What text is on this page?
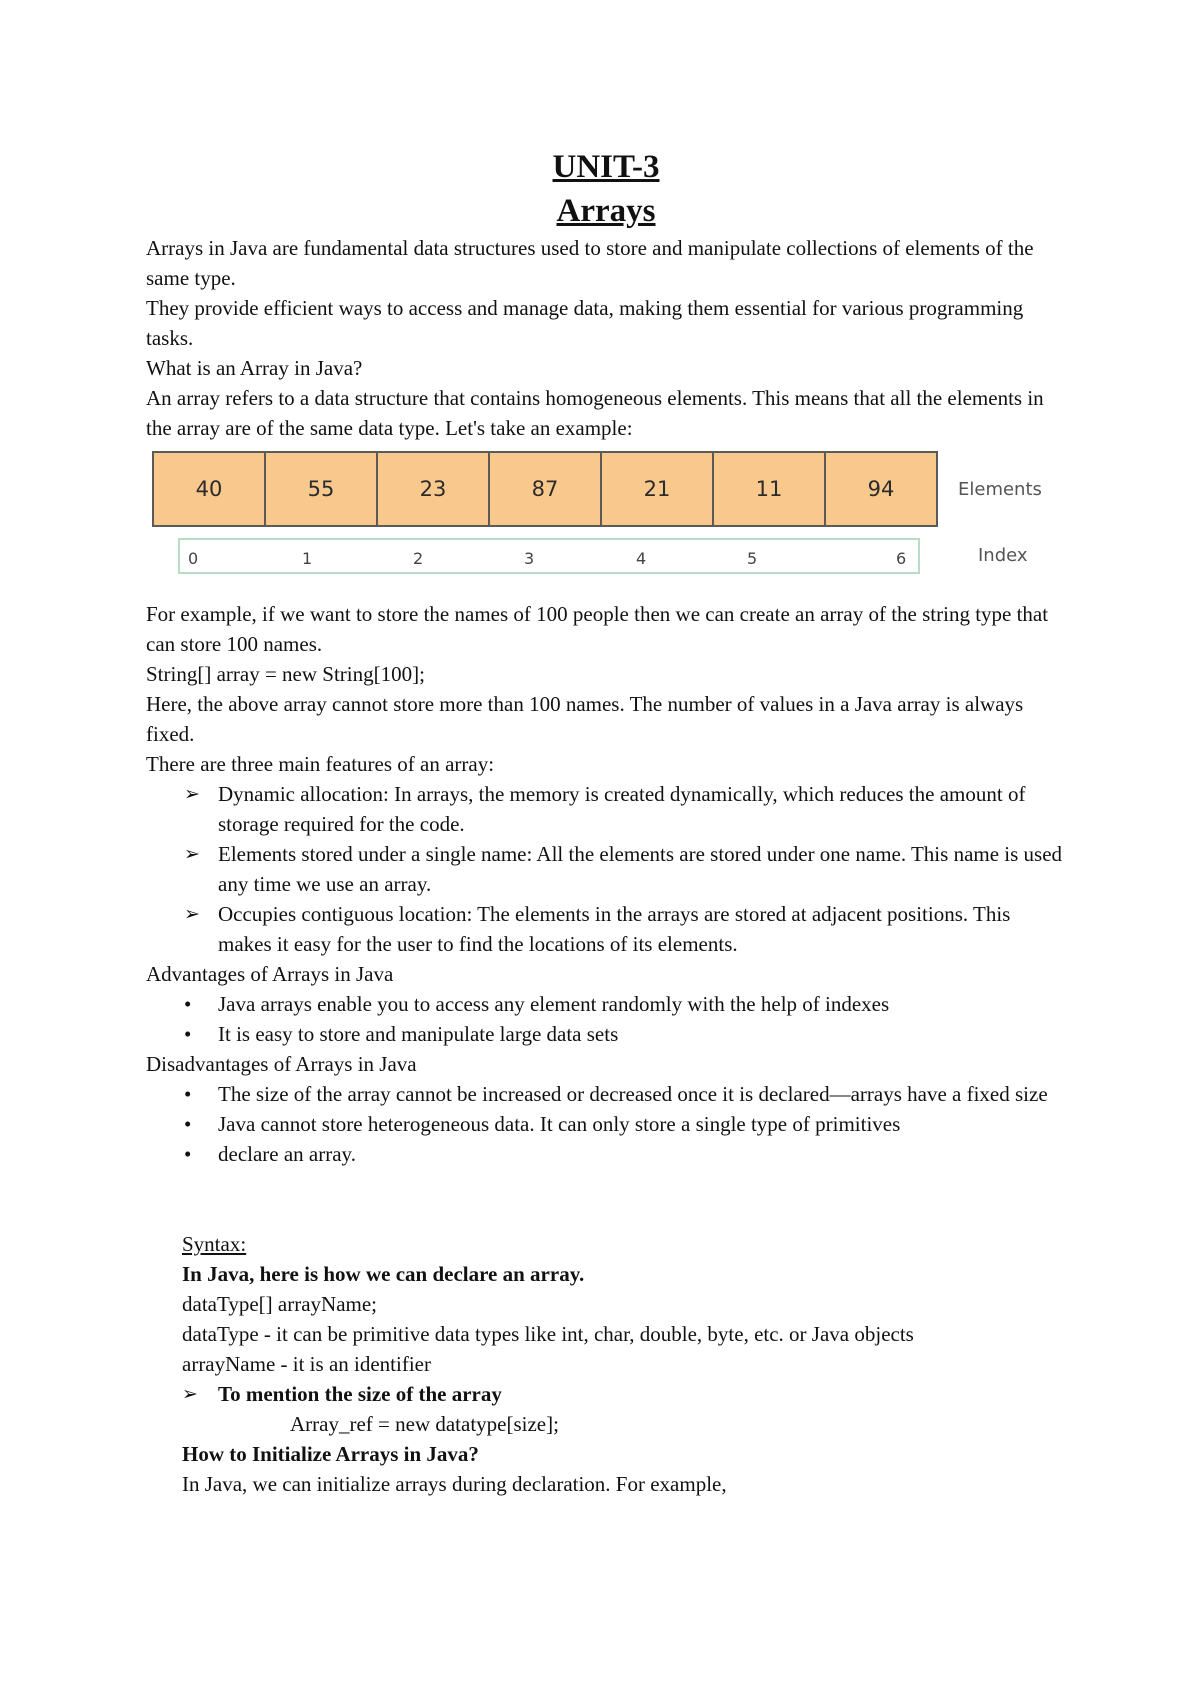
UNIT-3
Arrays

Arrays in Java are fundamental data structures used to store and manipulate collections of elements of the same type.

They provide efficient ways to access and manage data, making them essential for various programming tasks.

What is an Array in Java?

An array refers to a data structure that contains homogeneous elements. This means that all the elements in the array are of the same data type. Let's take an example:

40	55	23	87	21	11	94
0	1	2	3	4	5	6
Elements
Index

For example, if we want to store the names of 100 people then we can create an array of the string type that can store 100 names.

String[] array = new String[100];

Here, the above array cannot store more than 100 names. The number of values in a Java array is always fixed.

There are three main features of an array:

➢ Dynamic allocation: In arrays, the memory is created dynamically, which reduces the amount of storage required for the code.
➢ Elements stored under a single name: All the elements are stored under one name. This name is used any time we use an array.
➢ Occupies contiguous location: The elements in the arrays are stored at adjacent positions. This makes it easy for the user to find the locations of its elements.

Advantages of Arrays in Java

• Java arrays enable you to access any element randomly with the help of indexes
• It is easy to store and manipulate large data sets

Disadvantages of Arrays in Java

• The size of the array cannot be increased or decreased once it is declared—arrays have a fixed size
• Java cannot store heterogeneous data. It can only store a single type of primitives
• declare an array.

Syntax:

In Java, here is how we can declare an array.

dataType[] arrayName;

dataType - it can be primitive data types like int, char, double, byte, etc. or Java objects

arrayName - it is an identifier

➢ To mention the size of the array

Array_ref = new datatype[size];

How to Initialize Arrays in Java?

In Java, we can initialize arrays during declaration. For example,
